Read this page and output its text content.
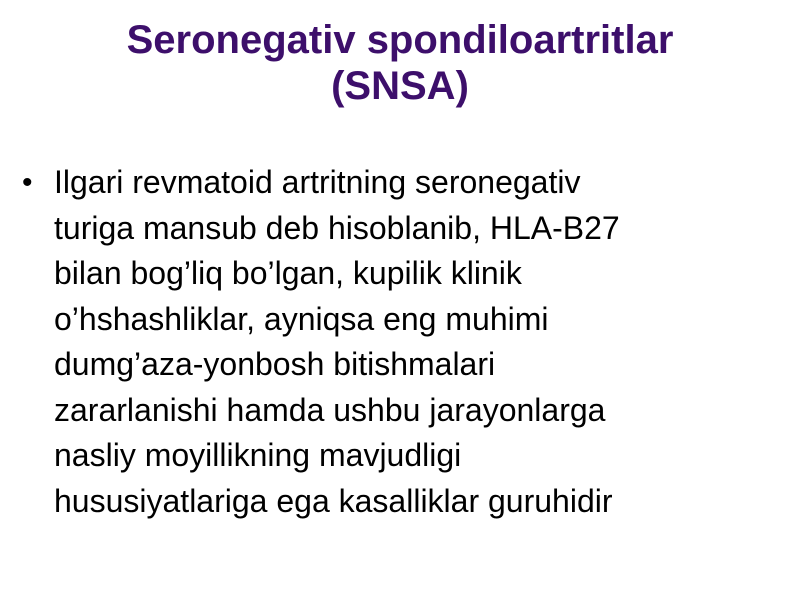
Seronegativ spondiloartritlar
(SNSA)
• Ilgari revmatoid artritning seronegativ
turiga mansub deb hisoblanib, HLA-B27
bilan bog’liq bo’lgan, kupilik klinik
o’hshashliklar, ayniqsa eng muhimi
dumg’aza-yonbosh bitishmalari
zararlanishi hamda ushbu jarayonlarga
nasliy moyillikning mavjudligi
hususiyatlariga ega kasalliklar guruhidir
